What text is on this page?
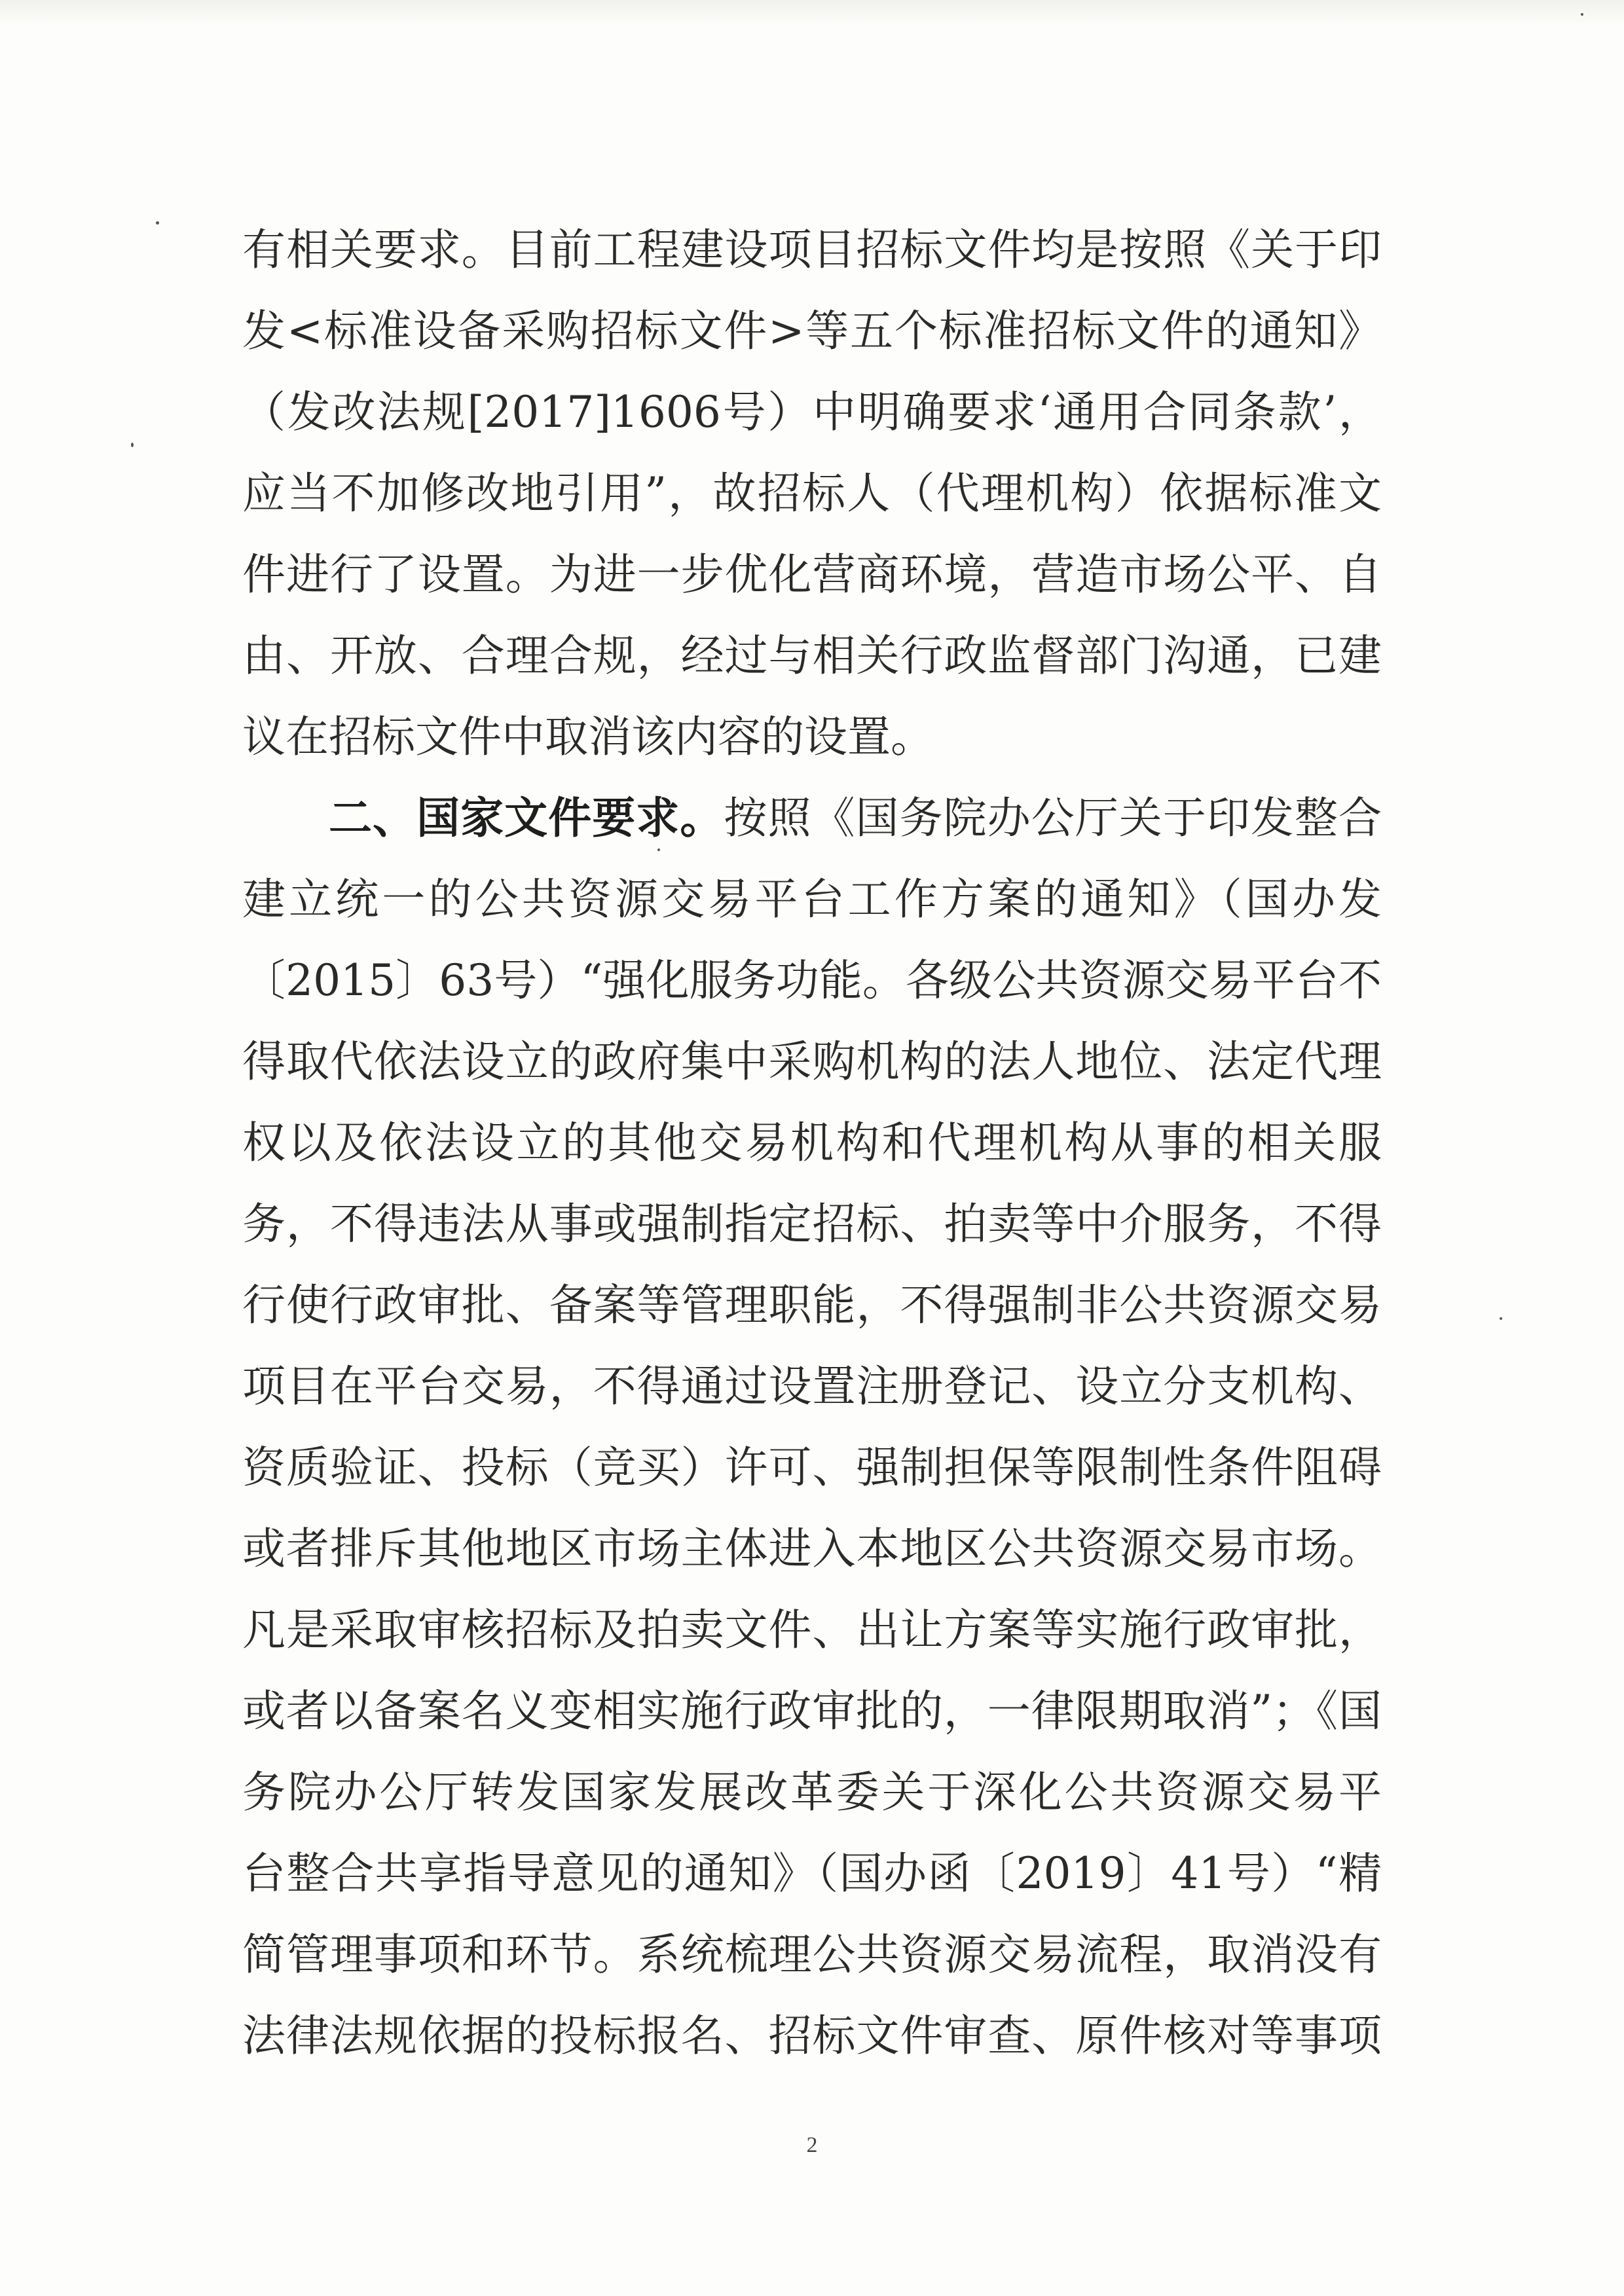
有相关要求。目前工程建设项目招标文件均是按照《关于印
发<标准设备采购招标文件>等五个标准招标文件的通知》
（发改法规[2017]1606号）中明确要求‘通用合同条款’，
应当不加修改地引用”，故招标人（代理机构）依据标准文
件进行了设置。为进一步优化营商环境，营造市场公平、自
由、开放、合理合规，经过与相关行政监督部门沟通，已建
议在招标文件中取消该内容的设置。
二、国家文件要求。按照《国务院办公厅关于印发整合
建立统一的公共资源交易平台工作方案的通知》（国办发
〔2015〕63号）“强化服务功能。各级公共资源交易平台不
得取代依法设立的政府集中采购机构的法人地位、法定代理
权以及依法设立的其他交易机构和代理机构从事的相关服
务，不得违法从事或强制指定招标、拍卖等中介服务，不得
行使行政审批、备案等管理职能，不得强制非公共资源交易
项目在平台交易，不得通过设置注册登记、设立分支机构、
资质验证、投标（竞买）许可、强制担保等限制性条件阻碍
或者排斥其他地区市场主体进入本地区公共资源交易市场。
凡是采取审核招标及拍卖文件、出让方案等实施行政审批，
或者以备案名义变相实施行政审批的，一律限期取消”；《国
务院办公厅转发国家发展改革委关于深化公共资源交易平
台整合共享指导意见的通知》（国办函〔2019〕41号）“精
简管理事项和环节。系统梳理公共资源交易流程，取消没有
法律法规依据的投标报名、招标文件审查、原件核对等事项
2
